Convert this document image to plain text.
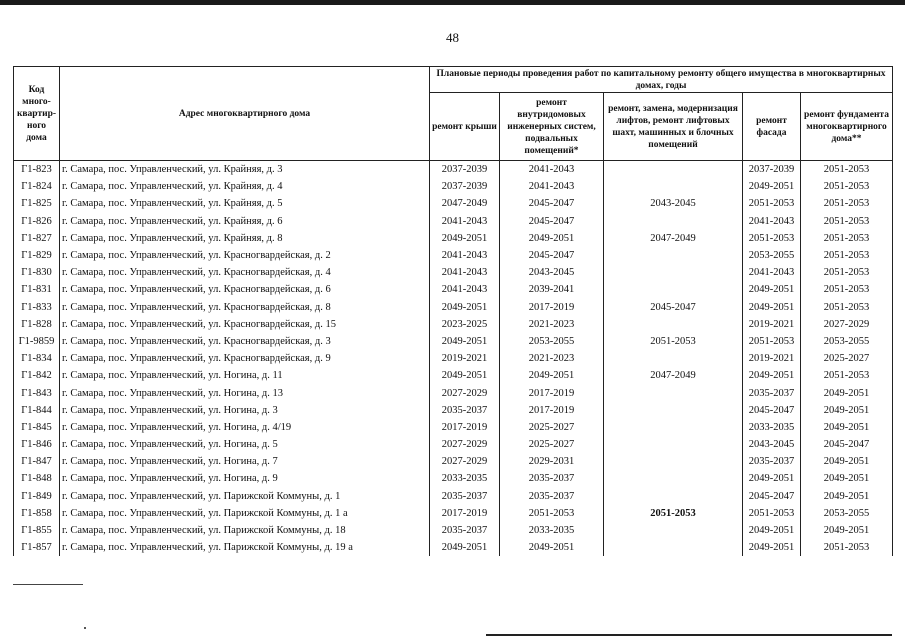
48
Код много-квартир-ного дома	Адрес многоквартирного дома	Плановые периоды проведения работ по капитальному ремонту общего имущества в многоквартирных домах, годы				
		ремонт крыши	ремонт внутридомовых инженерных систем, подвальных помещений*	ремонт, замена, модернизация лифтов, ремонт лифтовых шахт, машинных и блочных помещений	ремонт фасада	ремонт фундамента многоквартирного дома**
Г1-823	г. Самара, пос. Управленческий, ул. Крайняя, д. 3	2037-2039	2041-2043		2037-2039	2051-2053
Г1-824	г. Самара, пос. Управленческий, ул. Крайняя, д. 4	2037-2039	2041-2043		2049-2051	2051-2053
Г1-825	г. Самара, пос. Управленческий, ул. Крайняя, д. 5	2047-2049	2045-2047	2043-2045	2051-2053	2051-2053
Г1-826	г. Самара, пос. Управленческий, ул. Крайняя, д. 6	2041-2043	2045-2047		2041-2043	2051-2053
Г1-827	г. Самара, пос. Управленческий, ул. Крайняя, д. 8	2049-2051	2049-2051	2047-2049	2051-2053	2051-2053
Г1-829	г. Самара, пос. Управленческий, ул. Красногвардейская, д. 2	2041-2043	2045-2047		2053-2055	2051-2053
Г1-830	г. Самара, пос. Управленческий, ул. Красногвардейская, д. 4	2041-2043	2043-2045		2041-2043	2051-2053
Г1-831	г. Самара, пос. Управленческий, ул. Красногвардейская, д. 6	2041-2043	2039-2041		2049-2051	2051-2053
Г1-833	г. Самара, пос. Управленческий, ул. Красногвардейская, д. 8	2049-2051	2017-2019	2045-2047	2049-2051	2051-2053
Г1-828	г. Самара, пос. Управленческий, ул. Красногвардейская, д. 15	2023-2025	2021-2023		2019-2021	2027-2029
Г1-9859	г. Самара, пос. Управленческий, ул. Красногвардейская, д. 3	2049-2051	2053-2055	2051-2053	2051-2053	2053-2055
Г1-834	г. Самара, пос. Управленческий, ул. Красногвардейская, д. 9	2019-2021	2021-2023		2019-2021	2025-2027
Г1-842	г. Самара, пос. Управленческий, ул. Ногина, д. 11	2049-2051	2049-2051	2047-2049	2049-2051	2051-2053
Г1-843	г. Самара, пос. Управленческий, ул. Ногина, д. 13	2027-2029	2017-2019		2035-2037	2049-2051
Г1-844	г. Самара, пос. Управленческий, ул. Ногина, д. 3	2035-2037	2017-2019		2045-2047	2049-2051
Г1-845	г. Самара, пос. Управленческий, ул. Ногина, д. 4/19	2017-2019	2025-2027		2033-2035	2049-2051
Г1-846	г. Самара, пос. Управленческий, ул. Ногина, д. 5	2027-2029	2025-2027		2043-2045	2045-2047
Г1-847	г. Самара, пос. Управленческий, ул. Ногина, д. 7	2027-2029	2029-2031		2035-2037	2049-2051
Г1-848	г. Самара, пос. Управленческий, ул. Ногина, д. 9	2033-2035	2035-2037		2049-2051	2049-2051
Г1-849	г. Самара, пос. Управленческий, ул. Парижской Коммуны, д. 1	2035-2037	2035-2037		2045-2047	2049-2051
Г1-858	г. Самара, пос. Управленческий, ул. Парижской Коммуны, д. 1 а	2017-2019	2051-2053	2051-2053	2051-2053	2053-2055
Г1-855	г. Самара, пос. Управленческий, ул. Парижской Коммуны, д. 18	2035-2037	2033-2035		2049-2051	2049-2051
Г1-857	г. Самара, пос. Управленческий, ул. Парижской Коммуны, д. 19 а	2049-2051	2049-2051		2049-2051	2051-2053
